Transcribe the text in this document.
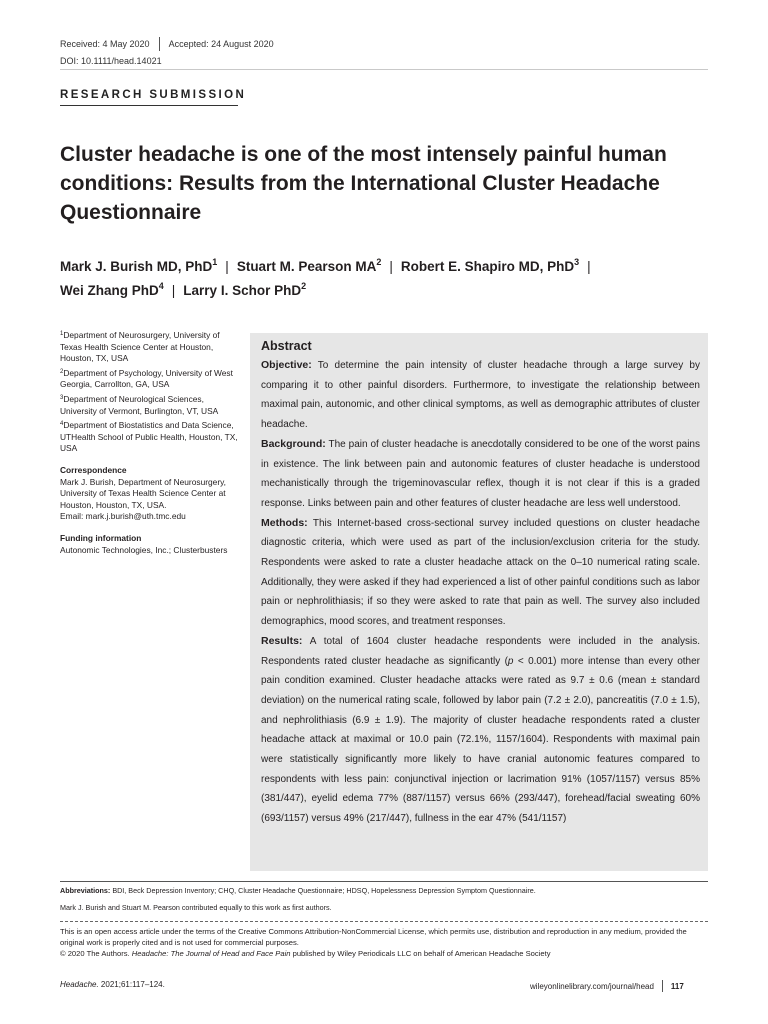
Received: 4 May 2020 Accepted: 24 August 2020
DOI: 10.1111/head.14021
RESEARCH SUBMISSION
Cluster headache is one of the most intensely painful human conditions: Results from the International Cluster Headache Questionnaire
Mark J. Burish MD, PhD$^1$ | Stuart M. Pearson $MA^2$ | Robert E. Shapiro MD, PhD$^3$ |
Wei Zhang PhD$^4$ | Larry I. Schor PhD$^2$
$^1$Department of Neurosurgery, University of Texas Health Science Center at Houston, Houston, TX, USA
$^2$Department of Psychology, University of West Georgia, Carrollton, GA, USA
$^3$Department of Neurological Sciences, University of Vermont, Burlington, VT, USA
$^4$Department of Biostatistics and Data Science, UTHealth School of Public Health, Houston, TX, USA
Correspondence
Mark J. Burish, Department of Neurosurgery, University of Texas Health Science Center at Houston, Houston, TX, USA.
Email: mark.j.burish@uth.tmc.edu
Funding information
Autonomic Technologies, Inc.; Clusterbusters
Abstract

Objective: To determine the pain intensity of cluster headache through a large survey by comparing it to other painful disorders. Furthermore, to investigate the relationship between maximal pain, autonomic, and other clinical symptoms, as well as demographic attributes of cluster headache.

Background: The pain of cluster headache is anecdotally considered to be one of the worst pains in existence. The link between pain and autonomic features of cluster headache is understood mechanistically through the trigeminovascular reflex, though it is not clear if this is a graded response. Links between pain and other features of cluster headache are less well understood.

Methods: This Internet-based cross-sectional survey included questions on cluster headache diagnostic criteria, which were used as part of the inclusion/exclusion criteria for the study. Respondents were asked to rate a cluster headache attack on the 0–10 numerical rating scale. Additionally, they were asked if they had experienced a list of other painful conditions such as labor pain or nephrolithiasis; if so they were asked to rate that pain as well. The survey also included demographics, mood scores, and treatment responses.

Results: A total of 1604 cluster headache respondents were included in the analysis. Respondents rated cluster headache as significantly (p < 0.001) more intense than every other pain condition examined. Cluster headache attacks were rated as 9.7 ± 0.6 (mean ± standard deviation) on the numerical rating scale, followed by labor pain (7.2 ± 2.0), pancreatitis (7.0 ± 1.5), and nephrolithiasis (6.9 ± 1.9). The majority of cluster headache respondents rated a cluster headache attack at maximal or 10.0 pain (72.1%, 1157/1604). Respondents with maximal pain were statistically significantly more likely to have cranial autonomic features compared to respondents with less pain: conjunctival injection or lacrimation 91% (1057/1157) versus 85% (381/447), eyelid edema 77% (887/1157) versus 66% (293/447), forehead/facial sweating 60% (693/1157) versus 49% (217/447), fullness in the ear 47% (541/1157)

Abbreviations: BDI, Beck Depression Inventory; CHQ, Cluster Headache Questionnaire; HDSQ, Hopelessness Depression Symptom Questionnaire.
Mark J. Burish and Stuart M. Pearson contributed equally to this work as first authors.
This is an open access article under the terms of the Creative Commons Attribution-NonCommercial License, which permits use, distribution and reproduction in any medium, provided the original work is properly cited and is not used for commercial purposes.
© 2020 The Authors. Headache: The Journal of Head and Face Pain published by Wiley Periodicals LLC on behalf of American Headache Society
Headache. 2021;61:117–124.	wileyonlinelibrary.com/journal/head 117
